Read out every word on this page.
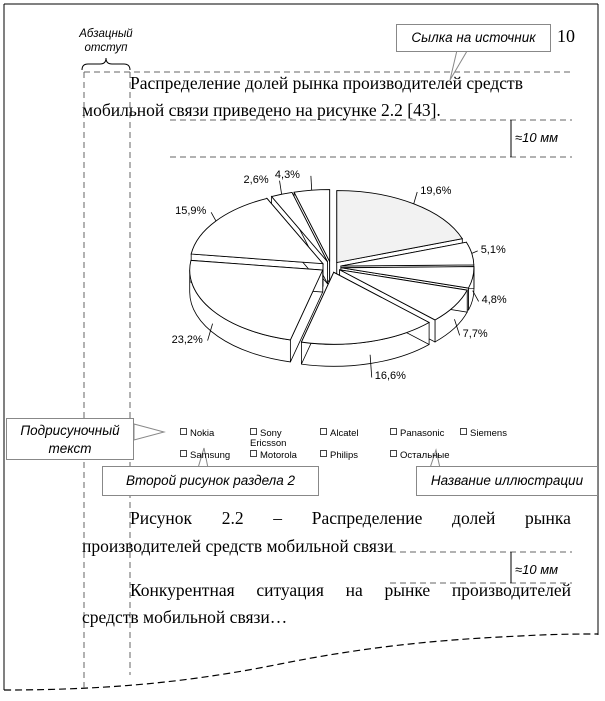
10
Абзацный
отступ
Сылка на источник
Распределение долей рынка производителей средств
мобильной связи приведено на рисунке 2.2 [43].
≈10 мм
19,6%
5,1%
4,8%
7,7%
16,6%
23,2%
15,9%
2,6% 4,3%
Nokia	Sony Ericsson
Alcatel	Panasonic	Siemens
Samsung	Motorola	Philips	Остальные
Подрисуночный
текст
Второй рисунок раздела 2	Название иллюстрации
Рисунок 2.2 – Распределение долей рынка
производителей средств мобильной связи
≈10 мм
Конкурентная ситуация на рынке производителей
средств мобильной связи…
